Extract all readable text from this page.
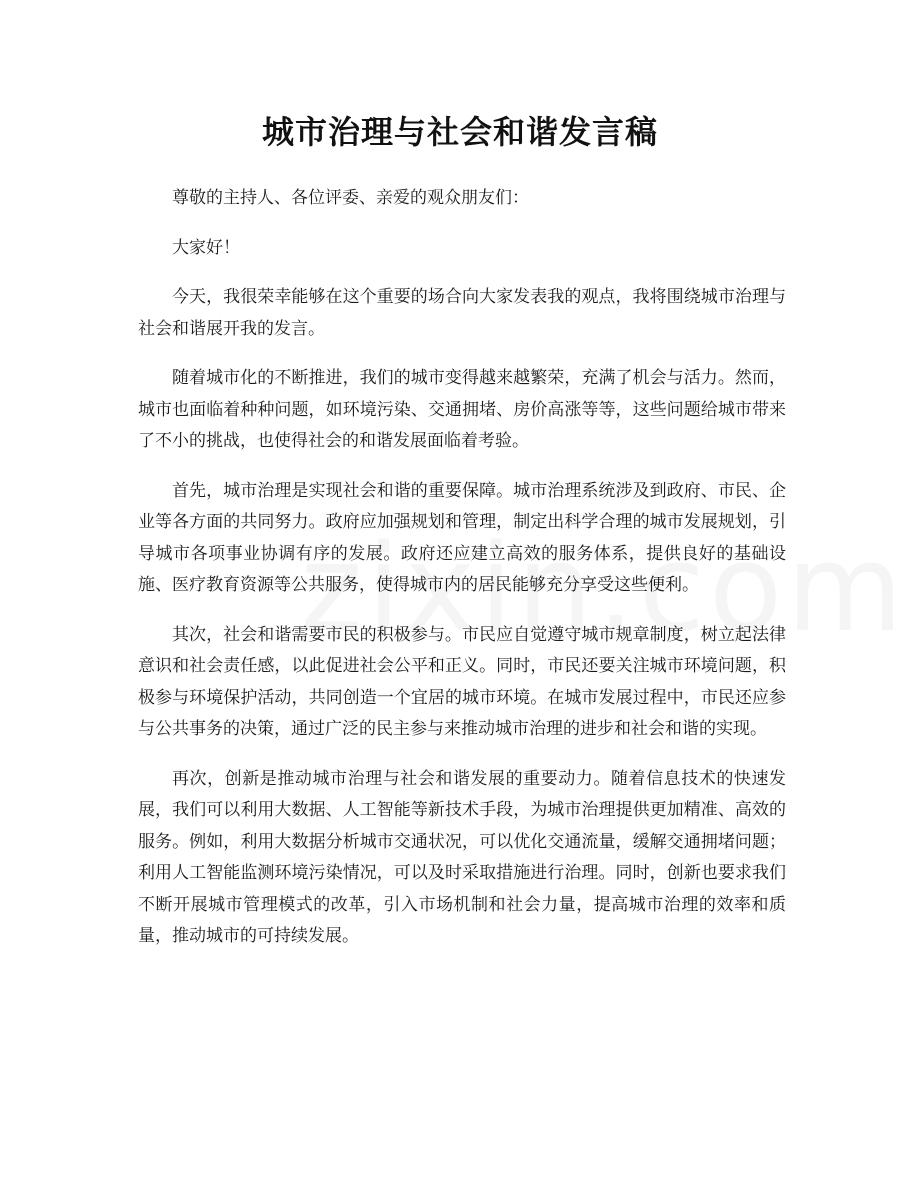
城市治理与社会和谐发言稿

尊敬的主持人、各位评委、亲爱的观众朋友们：

大家好！

今天，我很荣幸能够在这个重要的场合向大家发表我的观点，我将围绕城市治理与社会和谐展开我的发言。

随着城市化的不断推进，我们的城市变得越来越繁荣，充满了机会与活力。然而，城市也面临着种种问题，如环境污染、交通拥堵、房价高涨等等，这些问题给城市带来了不小的挑战，也使得社会的和谐发展面临着考验。

首先，城市治理是实现社会和谐的重要保障。城市治理系统涉及到政府、市民、企业等各方面的共同努力。政府应加强规划和管理，制定出科学合理的城市发展规划，引导城市各项事业协调有序的发展。政府还应建立高效的服务体系，提供良好的基础设施、医疗教育资源等公共服务，使得城市内的居民能够充分享受这些便利。

其次，社会和谐需要市民的积极参与。市民应自觉遵守城市规章制度，树立起法律意识和社会责任感，以此促进社会公平和正义。同时，市民还要关注城市环境问题，积极参与环境保护活动，共同创造一个宜居的城市环境。在城市发展过程中，市民还应参与公共事务的决策，通过广泛的民主参与来推动城市治理的进步和社会和谐的实现。

再次，创新是推动城市治理与社会和谐发展的重要动力。随着信息技术的快速发展，我们可以利用大数据、人工智能等新技术手段，为城市治理提供更加精准、高效的服务。例如，利用大数据分析城市交通状况，可以优化交通流量，缓解交通拥堵问题；利用人工智能监测环境污染情况，可以及时采取措施进行治理。同时，创新也要求我们不断开展城市管理模式的改革，引入市场机制和社会力量，提高城市治理的效率和质量，推动城市的可持续发展。
